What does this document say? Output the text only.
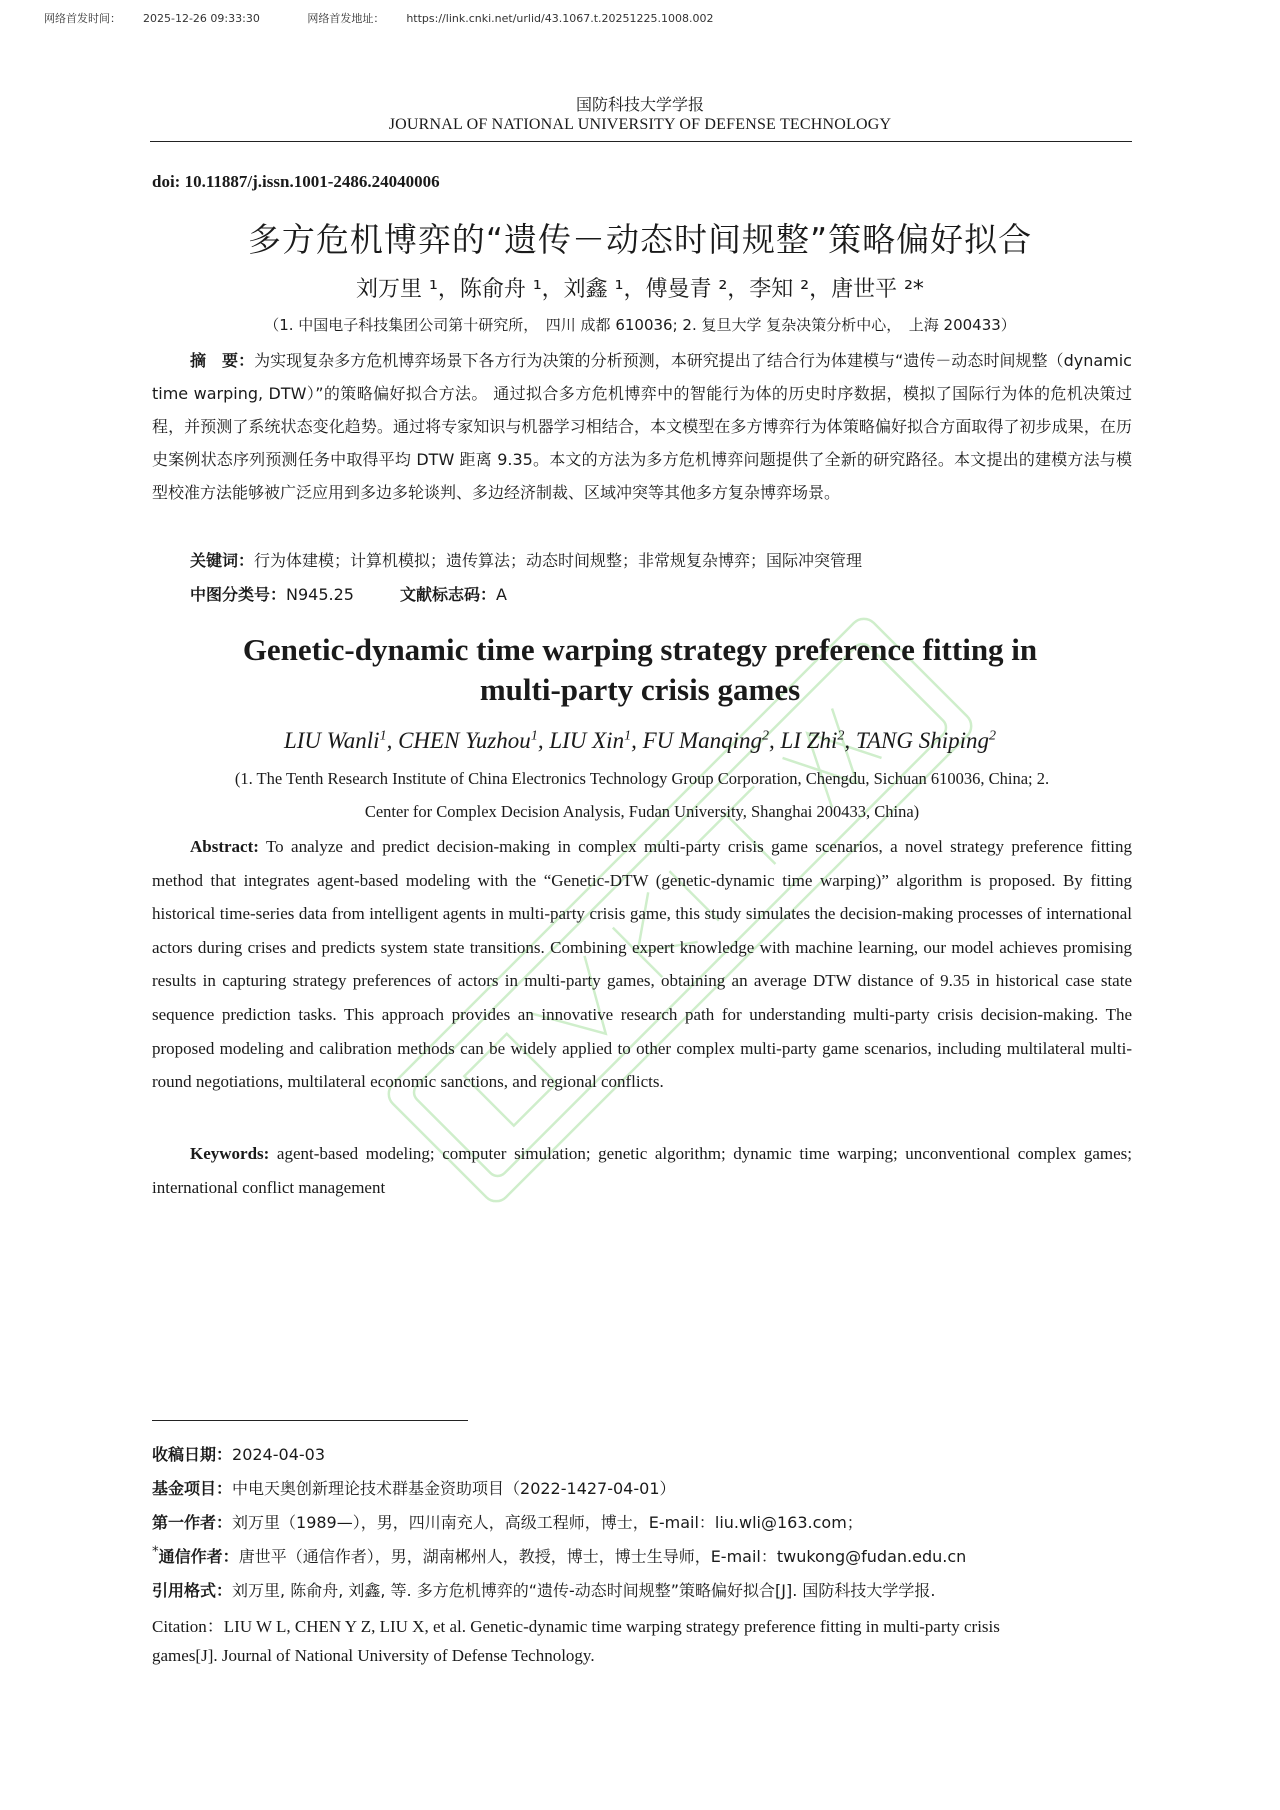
网络首发时间： 2025-12-26 09:33:30	网络首发地址： https://link.cnki.net/urlid/43.1067.t.20251225.1008.002
国防科技大学学报
JOURNAL OF NATIONAL UNIVERSITY OF DEFENSE TECHNOLOGY
doi: 10.11887/j.issn.1001-2486.24040006
多方危机博弈的“遗传－动态时间规整”策略偏好拟合
刘万里 ¹，陈俞舟 ¹，刘鑫 ¹，傅曼青 ²，李知 ²，唐世平 ²*
（1. 中国电子科技集团公司第十研究所，　四川 成都 610036; 2. 复旦大学 复杂决策分析中心，　上海 200433）
摘　要：为实现复杂多方危机博弈场景下各方行为决策的分析预测，本研究提出了结合行为体建模与“遗传－动态时间规整（dynamic time warping, DTW）”的策略偏好拟合方法。 通过拟合多方危机博弈中的智能行为体的历史时序数据，模拟了国际行为体的危机决策过程，并预测了系统状态变化趋势。通过将专家知识与机器学习相结合，本文模型在多方博弈行为体策略偏好拟合方面取得了初步成果，在历史案例状态序列预测任务中取得平均 DTW 距离 9.35。本文的方法为多方危机博弈问题提供了全新的研究路径。本文提出的建模方法与模型校准方法能够被广泛应用到多边多轮谈判、多边经济制裁、区域冲突等其他多方复杂博弈场景。
关键词：行为体建模；计算机模拟；遗传算法；动态时间规整；非常规复杂博弈；国际冲突管理
中图分类号：N945.25	文献标志码：A
Genetic-dynamic time warping strategy preference fitting in
multi-party crisis games
LIU Wanli$^1$, CHEN Yuzhou$^1$, LIU Xin$^1$, FU Manqing$^2$, LI Zhi$^2$, TANG Shiping$^2$
(1. The Tenth Research Institute of China Electronics Technology Group Corporation, Chengdu, Sichuan 610036, China; 2.
Center for Complex Decision Analysis, Fudan University, Shanghai 200433, China)
Abstract: To analyze and predict decision-making in complex multi-party crisis game scenarios, a novel strategy preference fitting method that integrates agent-based modeling with the “Genetic-DTW (genetic-dynamic time warping)” algorithm is proposed. By fitting historical time-series data from intelligent agents in multi-party crisis game, this study simulates the decision-making processes of international actors during crises and predicts system state transitions. Combining expert knowledge with machine learning, our model achieves promising results in capturing strategy preferences of actors in multi-party games, obtaining an average DTW distance of 9.35 in historical case state sequence prediction tasks. This approach provides an innovative research path for understanding multi-party crisis decision-making. The proposed modeling and calibration methods can be widely applied to other complex multi-party game scenarios, including multilateral multi-round negotiations, multilateral economic sanctions, and regional conflicts.
Keywords: agent-based modeling; computer simulation; genetic algorithm; dynamic time warping; unconventional complex games; international conflict management
收稿日期：2024-04-03
基金项目：中电天奥创新理论技术群基金资助项目（2022-1427-04-01）
第一作者：刘万里（1989—），男，四川南充人，高级工程师，博士，E-mail：liu.wli@163.com；
*通信作者：唐世平（通信作者），男，湖南郴州人，教授，博士，博士生导师，E-mail：twukong@fudan.edu.cn
引用格式：刘万里, 陈俞舟, 刘鑫, 等. 多方危机博弈的“遗传-动态时间规整”策略偏好拟合[J]. 国防科技大学学报.
Citation：LIU W L, CHEN Y Z, LIU X, et al. Genetic-dynamic time warping strategy preference fitting in multi-party crisis
games[J]. Journal of National University of Defense Technology.
